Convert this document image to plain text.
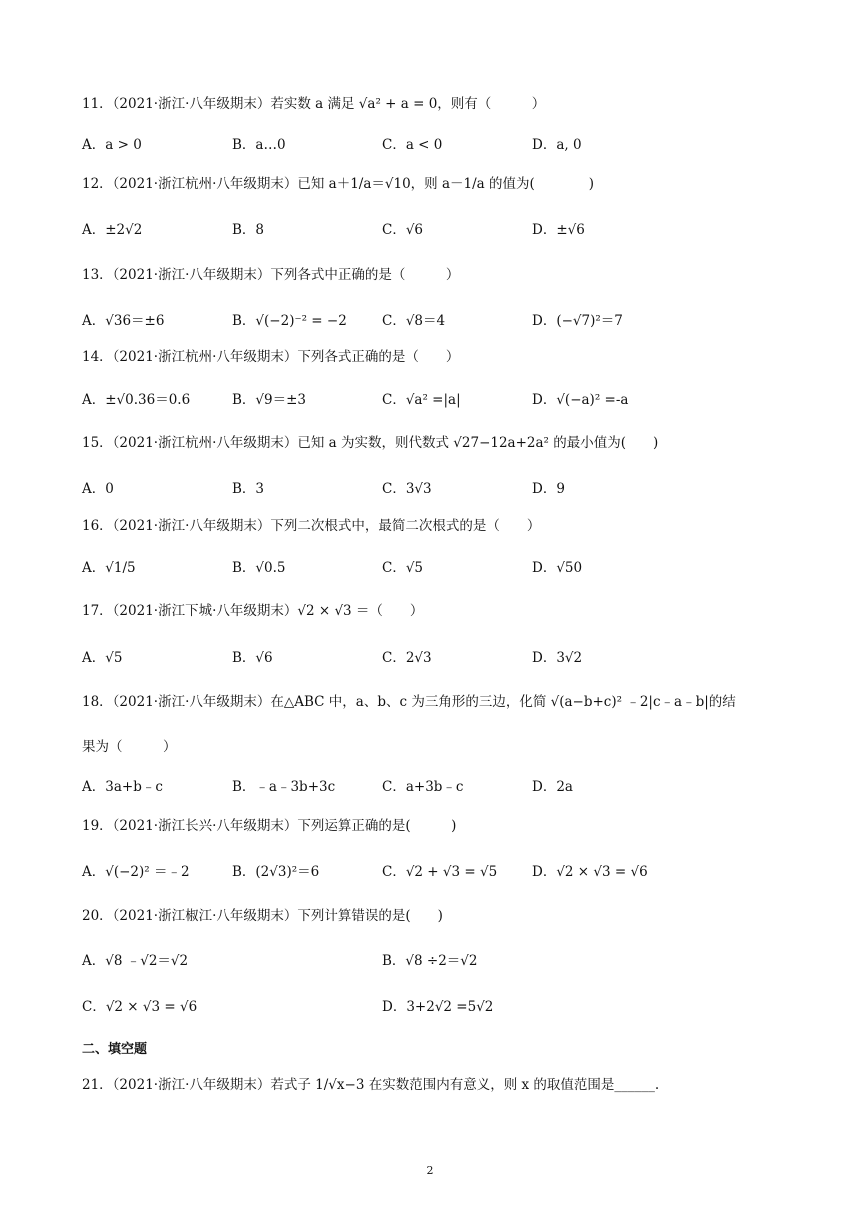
11．（2021·浙江·八年级期末）若实数 a 满足 √a² + a = 0，则有（　　　）
A．a > 0	B．a…0	C．a < 0	D．a, 0
12．（2021·浙江杭州·八年级期末）已知 a＋1/a＝√10，则 a－1/a 的值为(　　　　)
A．±2√2	B．8	C．√6	D．±√6
13．（2021·浙江·八年级期末）下列各式中正确的是（　　　）
A．√36＝±6	B．√(−2)⁻² = −2	C．√8＝4	D．(−√7)²＝7
14．（2021·浙江杭州·八年级期末）下列各式正确的是（　　）
A．±√0.36＝0.6	B．√9＝±3	C．√a² =|a|	D．√(−a)² =-a
15．（2021·浙江杭州·八年级期末）已知 a 为实数，则代数式 √27−12a+2a² 的最小值为(　　)
A．0	B．3	C．3√3	D．9
16．（2021·浙江·八年级期末）下列二次根式中，最简二次根式的是（　　）
A．√1/5	B．√0.5	C．√5	D．√50
17．（2021·浙江下城·八年级期末）√2 × √3 ＝（　　）
A．√5	B．√6	C．2√3	D．3√2
18．（2021·浙江·八年级期末）在△ABC 中，a、b、c 为三角形的三边，化简 √(a−b+c)² ﹣2|c﹣a﹣b|的结
果为（　　　）
A．3a+b﹣c	B．﹣a﹣3b+3c	C．a+3b﹣c	D．2a
19．（2021·浙江长兴·八年级期末）下列运算正确的是(　　　)
A．√(−2)² ＝﹣2	B．(2√3)²＝6	C．√2 + √3 = √5	D．√2 × √3 = √6
20．（2021·浙江椒江·八年级期末）下列计算错误的是(　　)
A．√8 ﹣√2＝√2	B．√8 ÷2＝√2
C．√2 × √3 = √6	D．3+2√2 =5√2
二、填空题
21．（2021·浙江·八年级期末）若式子 1/√x−3 在实数范围内有意义，则 x 的取值范围是______.
2
